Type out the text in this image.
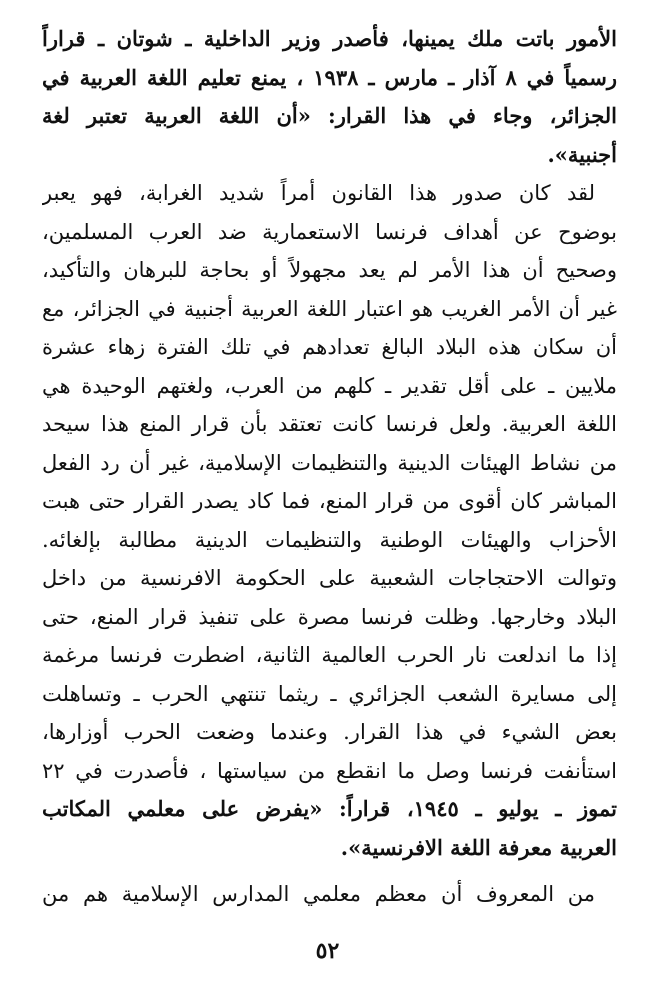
الأمور باتت ملك يمينها، فأصدر وزير الداخلية ـ شوتان ـ قراراً
رسمياً في ٨ آذار ـ مارس ـ ١٩٣٨ ، يمنع تعليم اللغة العربية في
الجزائر، وجاء في هذا القرار: «أن اللغة العربية تعتبر لغة
أجنبية».
لقد كان صدور هذا القانون أمراً شديد الغرابة، فهو يعبر
بوضوح عن أهداف فرنسا الاستعمارية ضد العرب المسلمين،
وصحيح أن هذا الأمر لم يعد مجهولاً أو بحاجة للبرهان والتأكيد،
غير أن الأمر الغريب هو اعتبار اللغة العربية أجنبية في الجزائر، مع
أن سكان هذه البلاد البالغ تعدادهم في تلك الفترة زهاء عشرة
ملايين ـ على أقل تقدير ـ كلهم من العرب، ولغتهم الوحيدة هي
اللغة العربية. ولعل فرنسا كانت تعتقد بأن قرار المنع هذا سيحد
من نشاط الهيئات الدينية والتنظيمات الإسلامية، غير أن رد الفعل
المباشر كان أقوى من قرار المنع، فما كاد يصدر القرار حتى هبت
الأحزاب والهيئات الوطنية والتنظيمات الدينية مطالبة بإلغائه.
وتوالت الاحتجاجات الشعبية على الحكومة الافرنسية من داخل
البلاد وخارجها. وظلت فرنسا مصرة على تنفيذ قرار المنع، حتى
إذا ما اندلعت نار الحرب العالمية الثانية، اضطرت فرنسا مرغمة
إلى مسايرة الشعب الجزائري ـ ريثما تنتهي الحرب ـ وتساهلت
بعض الشيء في هذا القرار. وعندما وضعت الحرب أوزارها،
استأنفت فرنسا وصل ما انقطع من سياستها ، فأصدرت في ٢٢
تموز ـ يوليو ـ ١٩٤٥، قراراً: «يفرض على معلمي المكاتب
العربية معرفة اللغة الافرنسية».
من المعروف أن معظم معلمي المدارس الإسلامية هم من
٥٢
